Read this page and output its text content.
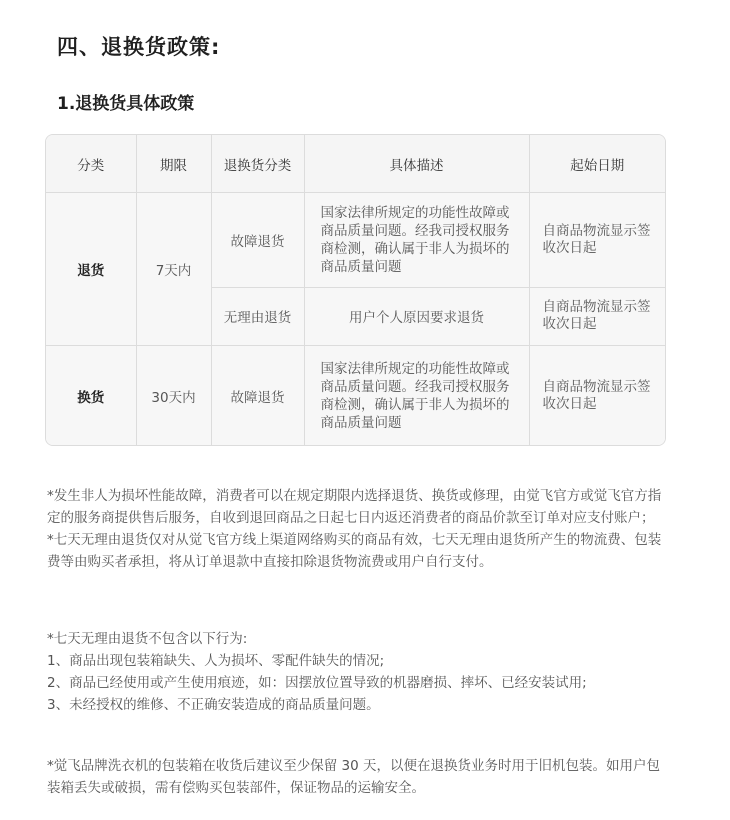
四、退换货政策:
1.退换货具体政策
分类	期限	退换货分类	具体描述	起始日期
退货	7天内	故障退货	国家法律所规定的功能性故障或商品质量问题。经我司授权服务商检测，确认属于非人为损坏的商品质量问题	自商品物流显示签收次日起
		无理由退货	用户个人原因要求退货	自商品物流显示签收次日起
换货	30天内	故障退货	国家法律所规定的功能性故障或商品质量问题。经我司授权服务商检测，确认属于非人为损坏的商品质量问题	自商品物流显示签收次日起

*发生非人为损坏性能故障，消费者可以在规定期限内选择退货、换货或修理，由觉飞官方或觉飞官方指定的服务商提供售后服务，自收到退回商品之日起七日内返还消费者的商品价款至订单对应支付账户；

*七天无理由退货仅对从觉飞官方线上渠道网络购买的商品有效，七天无理由退货所产生的物流费、包装费等由购买者承担，将从订单退款中直接扣除退货物流费或用户自行支付。

*七天无理由退货不包含以下行为:

1、商品出现包装箱缺失、人为损坏、零配件缺失的情况;

2、商品已经使用或产生使用痕迹，如：因摆放位置导致的机器磨损、摔坏、已经安装试用;

3、未经授权的维修、不正确安装造成的商品质量问题。

*觉飞品牌洗衣机的包装箱在收货后建议至少保留 30 天，以便在退换货业务时用于旧机包装。如用户包装箱丢失或破损，需有偿购买包装部件，保证物品的运输安全。
